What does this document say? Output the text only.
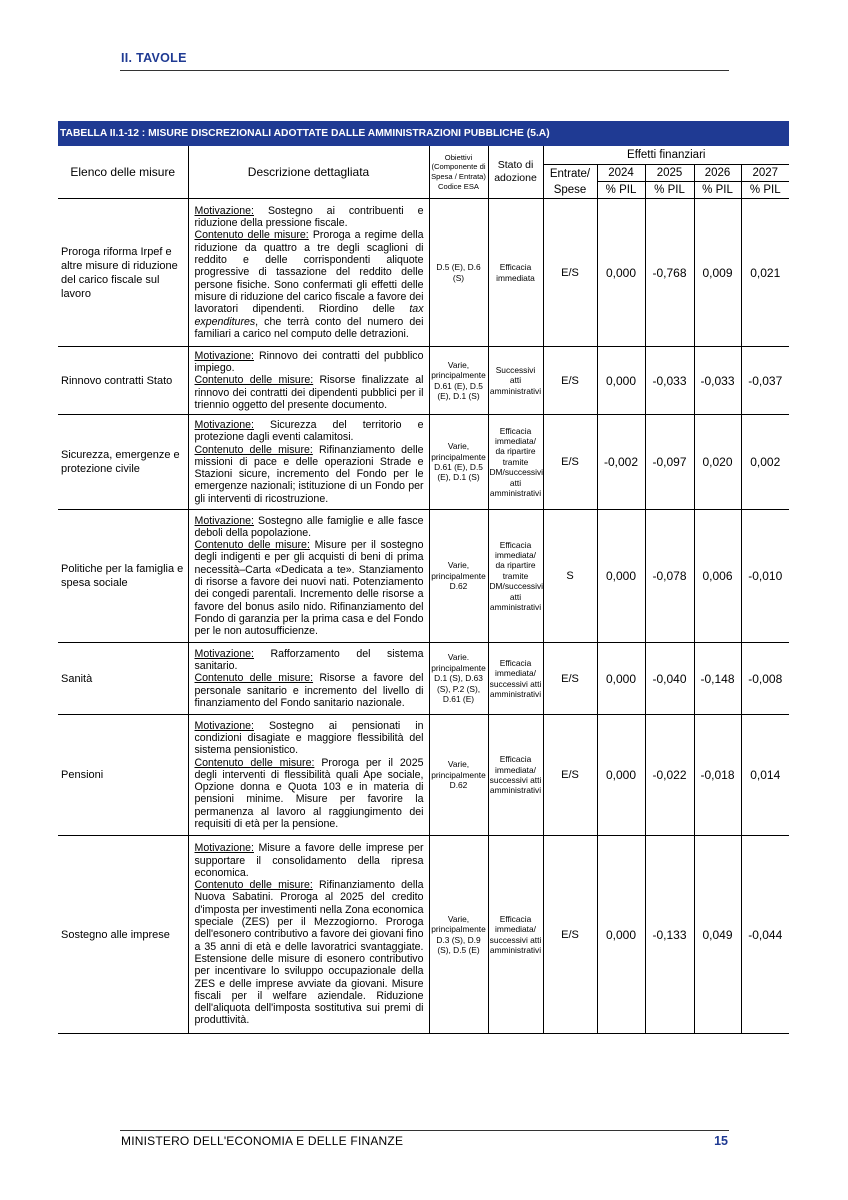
II. TAVOLE
TABELLA II.1-12 : MISURE DISCREZIONALI ADOTTATE DALLE AMMINISTRAZIONI PUBBLICHE (5.A)
Elenco delle misure	Descrizione dettagliata	Obiettivi (Componente di Spesa / Entrata) Codice ESA	Stato di adozione	Effetti finanziari				
				Entrate/ Spese	2024	2025	2026	2027
					% PIL	% PIL	% PIL	% PIL
Proroga riforma Irpef e altre misure di riduzione del carico fiscale sul lavoro	Motivazione: Sostegno ai contribuenti e riduzione della pressione fiscale.
Contenuto delle misure: Proroga a regime della riduzione da quattro a tre degli scaglioni di reddito e delle corrispondenti aliquote progressive di tassazione del reddito delle persone fisiche. Sono confermati gli effetti delle misure di riduzione del carico fiscale a favore dei lavoratori dipendenti. Riordino delle tax expenditures, che terrà conto del numero dei familiari a carico nel computo delle detrazioni.	D.5 (E), D.6 (S)	Efficacia immediata	E/S	0,000	-0,768	0,009	0,021
Rinnovo contratti Stato	Motivazione: Rinnovo dei contratti del pubblico impiego.
Contenuto delle misure: Risorse finalizzate al rinnovo dei contratti dei dipendenti pubblici per il triennio oggetto del presente documento.	Varie, principalmente D.61 (E), D.5 (E), D.1 (S)	Successivi atti amministrativi	E/S	0,000	-0,033	-0,033	-0,037
Sicurezza, emergenze e protezione civile	Motivazione: Sicurezza del territorio e protezione dagli eventi calamitosi.
Contenuto delle misure: Rifinanziamento delle missioni di pace e delle operazioni Strade e Stazioni sicure, incremento del Fondo per le emergenze nazionali; istituzione di un Fondo per gli interventi di ricostruzione.	Varie, principalmente D.61 (E), D.5 (E), D.1 (S)	Efficacia immediata/ da ripartire tramite DM/successivi atti amministrativi	E/S	-0,002	-0,097	0,020	0,002
Politiche per la famiglia e spesa sociale	Motivazione: Sostegno alle famiglie e alle fasce deboli della popolazione.
Contenuto delle misure: Misure per il sostegno degli indigenti e per gli acquisti di beni di prima necessità–Carta «Dedicata a te». Stanziamento di risorse a favore dei nuovi nati. Potenziamento dei congedi parentali. Incremento delle risorse a favore del bonus asilo nido. Rifinanziamento del Fondo di garanzia per la prima casa e del Fondo per le non autosufficienze.	Varie, principalmente D.62	Efficacia immediata/ da ripartire tramite DM/successivi atti amministrativi	S	0,000	-0,078	0,006	-0,010
Sanità	Motivazione: Rafforzamento del sistema sanitario.
Contenuto delle misure: Risorse a favore del personale sanitario e incremento del livello di finanziamento del Fondo sanitario nazionale.	Varie. principalmente D.1 (S), D.63 (S), P.2 (S), D.61 (E)	Efficacia immediata/ successivi atti amministrativi	E/S	0,000	-0,040	-0,148	-0,008
Pensioni	Motivazione: Sostegno ai pensionati in condizioni disagiate e maggiore flessibilità del sistema pensionistico.
Contenuto delle misure: Proroga per il 2025 degli interventi di flessibilità quali Ape sociale, Opzione donna e Quota 103 e in materia di pensioni minime. Misure per favorire la permanenza al lavoro al raggiungimento dei requisiti di età per la pensione.	Varie, principalmente D.62	Efficacia immediata/ successivi atti amministrativi	E/S	0,000	-0,022	-0,018	0,014
Sostegno alle imprese	Motivazione: Misure a favore delle imprese per supportare il consolidamento della ripresa economica.
Contenuto delle misure: Rifinanziamento della Nuova Sabatini. Proroga al 2025 del credito d'imposta per investimenti nella Zona economica speciale (ZES) per il Mezzogiorno. Proroga dell'esonero contributivo a favore dei giovani fino a 35 anni di età e delle lavoratrici svantaggiate. Estensione delle misure di esonero contributivo per incentivare lo sviluppo occupazionale della ZES e delle imprese avviate da giovani. Misure fiscali per il welfare aziendale. Riduzione dell'aliquota dell'imposta sostitutiva sui premi di produttività.	Varie, principalmente D.3 (S), D.9 (S), D.5 (E)	Efficacia immediata/ successivi atti amministrativi	E/S	0,000	-0,133	0,049	-0,044
MINISTERO DELL'ECONOMIA E DELLE FINANZE	15
